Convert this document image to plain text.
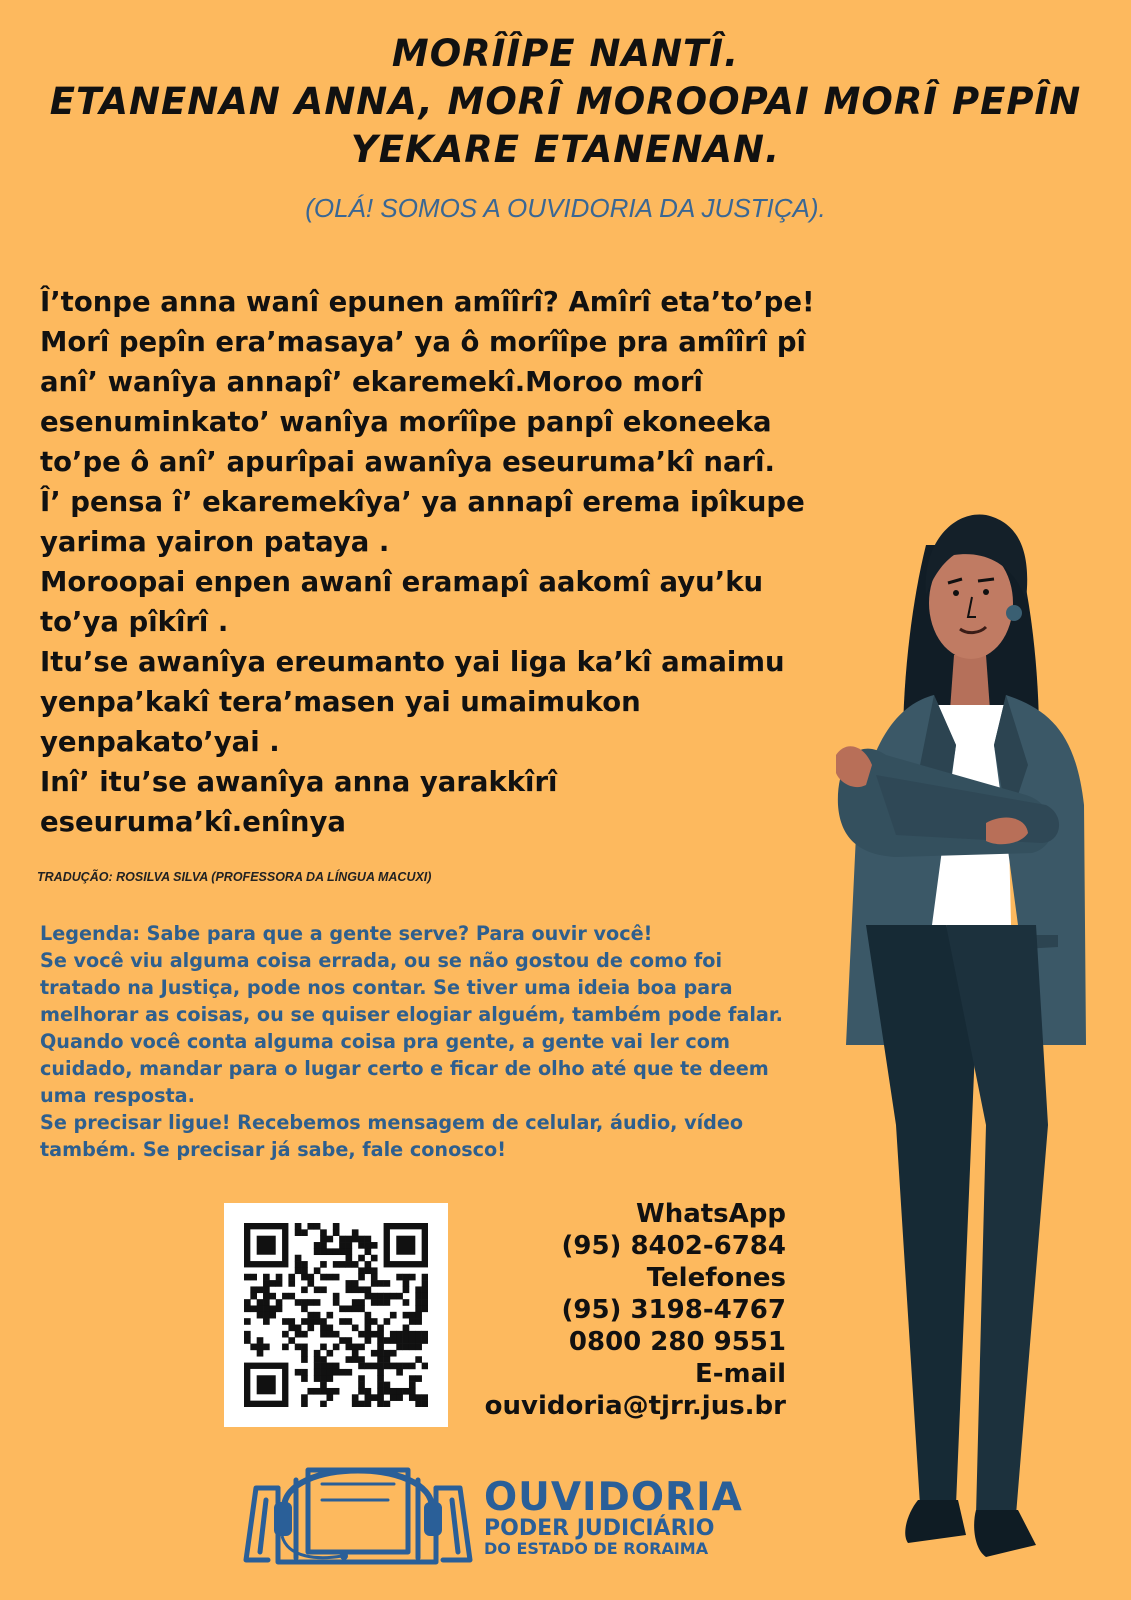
MORÎÎPE NANTÎ.
ETANENAN ANNA, MORÎ MOROOPAI MORÎ PEPÎN
YEKARE ETANENAN.
(OLÁ! SOMOS A OUVIDORIA DA JUSTIÇA).
Î’tonpe anna wanî epunen amîîrî? Amîrî eta’to’pe!
Morî pepîn era’masaya’ ya ô morîîpe pra amîîrî pî
anî’ wanîya annapî’ ekaremekî.Moroo morî
esenuminkato’ wanîya morîîpe panpî ekoneeka
to’pe ô anî’ apurîpai awanîya eseuruma’kî narî.
Î’ pensa î’ ekaremekîya’ ya annapî erema ipîkupe
yarima yairon pataya .
Moroopai enpen awanî eramapî aakomî ayu’ku
to’ya pîkîrî .
Itu’se awanîya ereumanto yai liga ka’kî amaimu
yenpa’kakî tera’masen yai umaimukon
yenpakato’yai .
Inî’ itu’se awanîya anna yarakkîrî
eseuruma’kî.enînya
TRADUÇÃO: ROSILVA SILVA (PROFESSORA DA LÍNGUA MACUXI)
Legenda: Sabe para que a gente serve? Para ouvir você!
Se você viu alguma coisa errada, ou se não gostou de como foi
tratado na Justiça, pode nos contar. Se tiver uma ideia boa para
melhorar as coisas, ou se quiser elogiar alguém, também pode falar.
Quando você conta alguma coisa pra gente, a gente vai ler com
cuidado, mandar para o lugar certo e ficar de olho até que te deem
uma resposta.
Se precisar ligue! Recebemos mensagem de celular, áudio, vídeo
também. Se precisar já sabe, fale conosco!
WhatsApp
(95) 8402-6784
Telefones
(95) 3198-4767
0800 280 9551
E-mail
ouvidoria@tjrr.jus.br
OUVIDORIA
PODER JUDICIÁRIO
DO ESTADO DE RORAIMA
